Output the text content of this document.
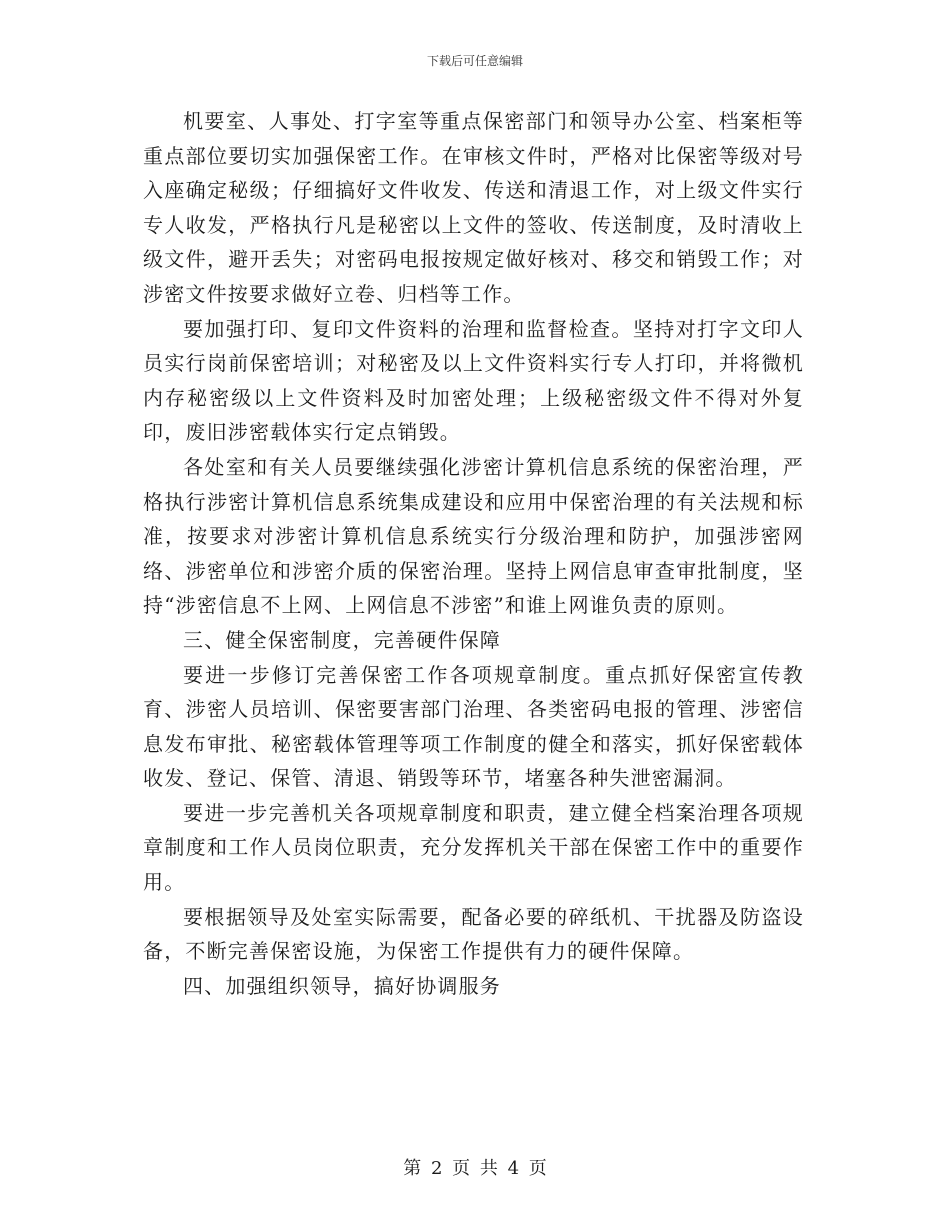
下载后可任意编辑

机要室、人事处、打字室等重点保密部门和领导办公室、档案柜等重点部位要切实加强保密工作。在审核文件时，严格对比保密等级对号入座确定秘级；仔细搞好文件收发、传送和清退工作，对上级文件实行专人收发，严格执行凡是秘密以上文件的签收、传送制度，及时清收上级文件，避开丢失；对密码电报按规定做好核对、移交和销毁工作；对涉密文件按要求做好立卷、归档等工作。

要加强打印、复印文件资料的治理和监督检查。坚持对打字文印人员实行岗前保密培训；对秘密及以上文件资料实行专人打印，并将微机内存秘密级以上文件资料及时加密处理；上级秘密级文件不得对外复印，废旧涉密载体实行定点销毁。

各处室和有关人员要继续强化涉密计算机信息系统的保密治理，严格执行涉密计算机信息系统集成建设和应用中保密治理的有关法规和标准，按要求对涉密计算机信息系统实行分级治理和防护，加强涉密网络、涉密单位和涉密介质的保密治理。坚持上网信息审查审批制度，坚持“涉密信息不上网、上网信息不涉密”和谁上网谁负责的原则。

三、健全保密制度，完善硬件保障

要进一步修订完善保密工作各项规章制度。重点抓好保密宣传教育、涉密人员培训、保密要害部门治理、各类密码电报的管理、涉密信息发布审批、秘密载体管理等项工作制度的健全和落实，抓好保密载体收发、登记、保管、清退、销毁等环节，堵塞各种失泄密漏洞。

要进一步完善机关各项规章制度和职责，建立健全档案治理各项规章制度和工作人员岗位职责，充分发挥机关干部在保密工作中的重要作用。

要根据领导及处室实际需要，配备必要的碎纸机、干扰器及防盗设备，不断完善保密设施，为保密工作提供有力的硬件保障。

四、加强组织领导，搞好协调服务

第 2 页 共 4 页
